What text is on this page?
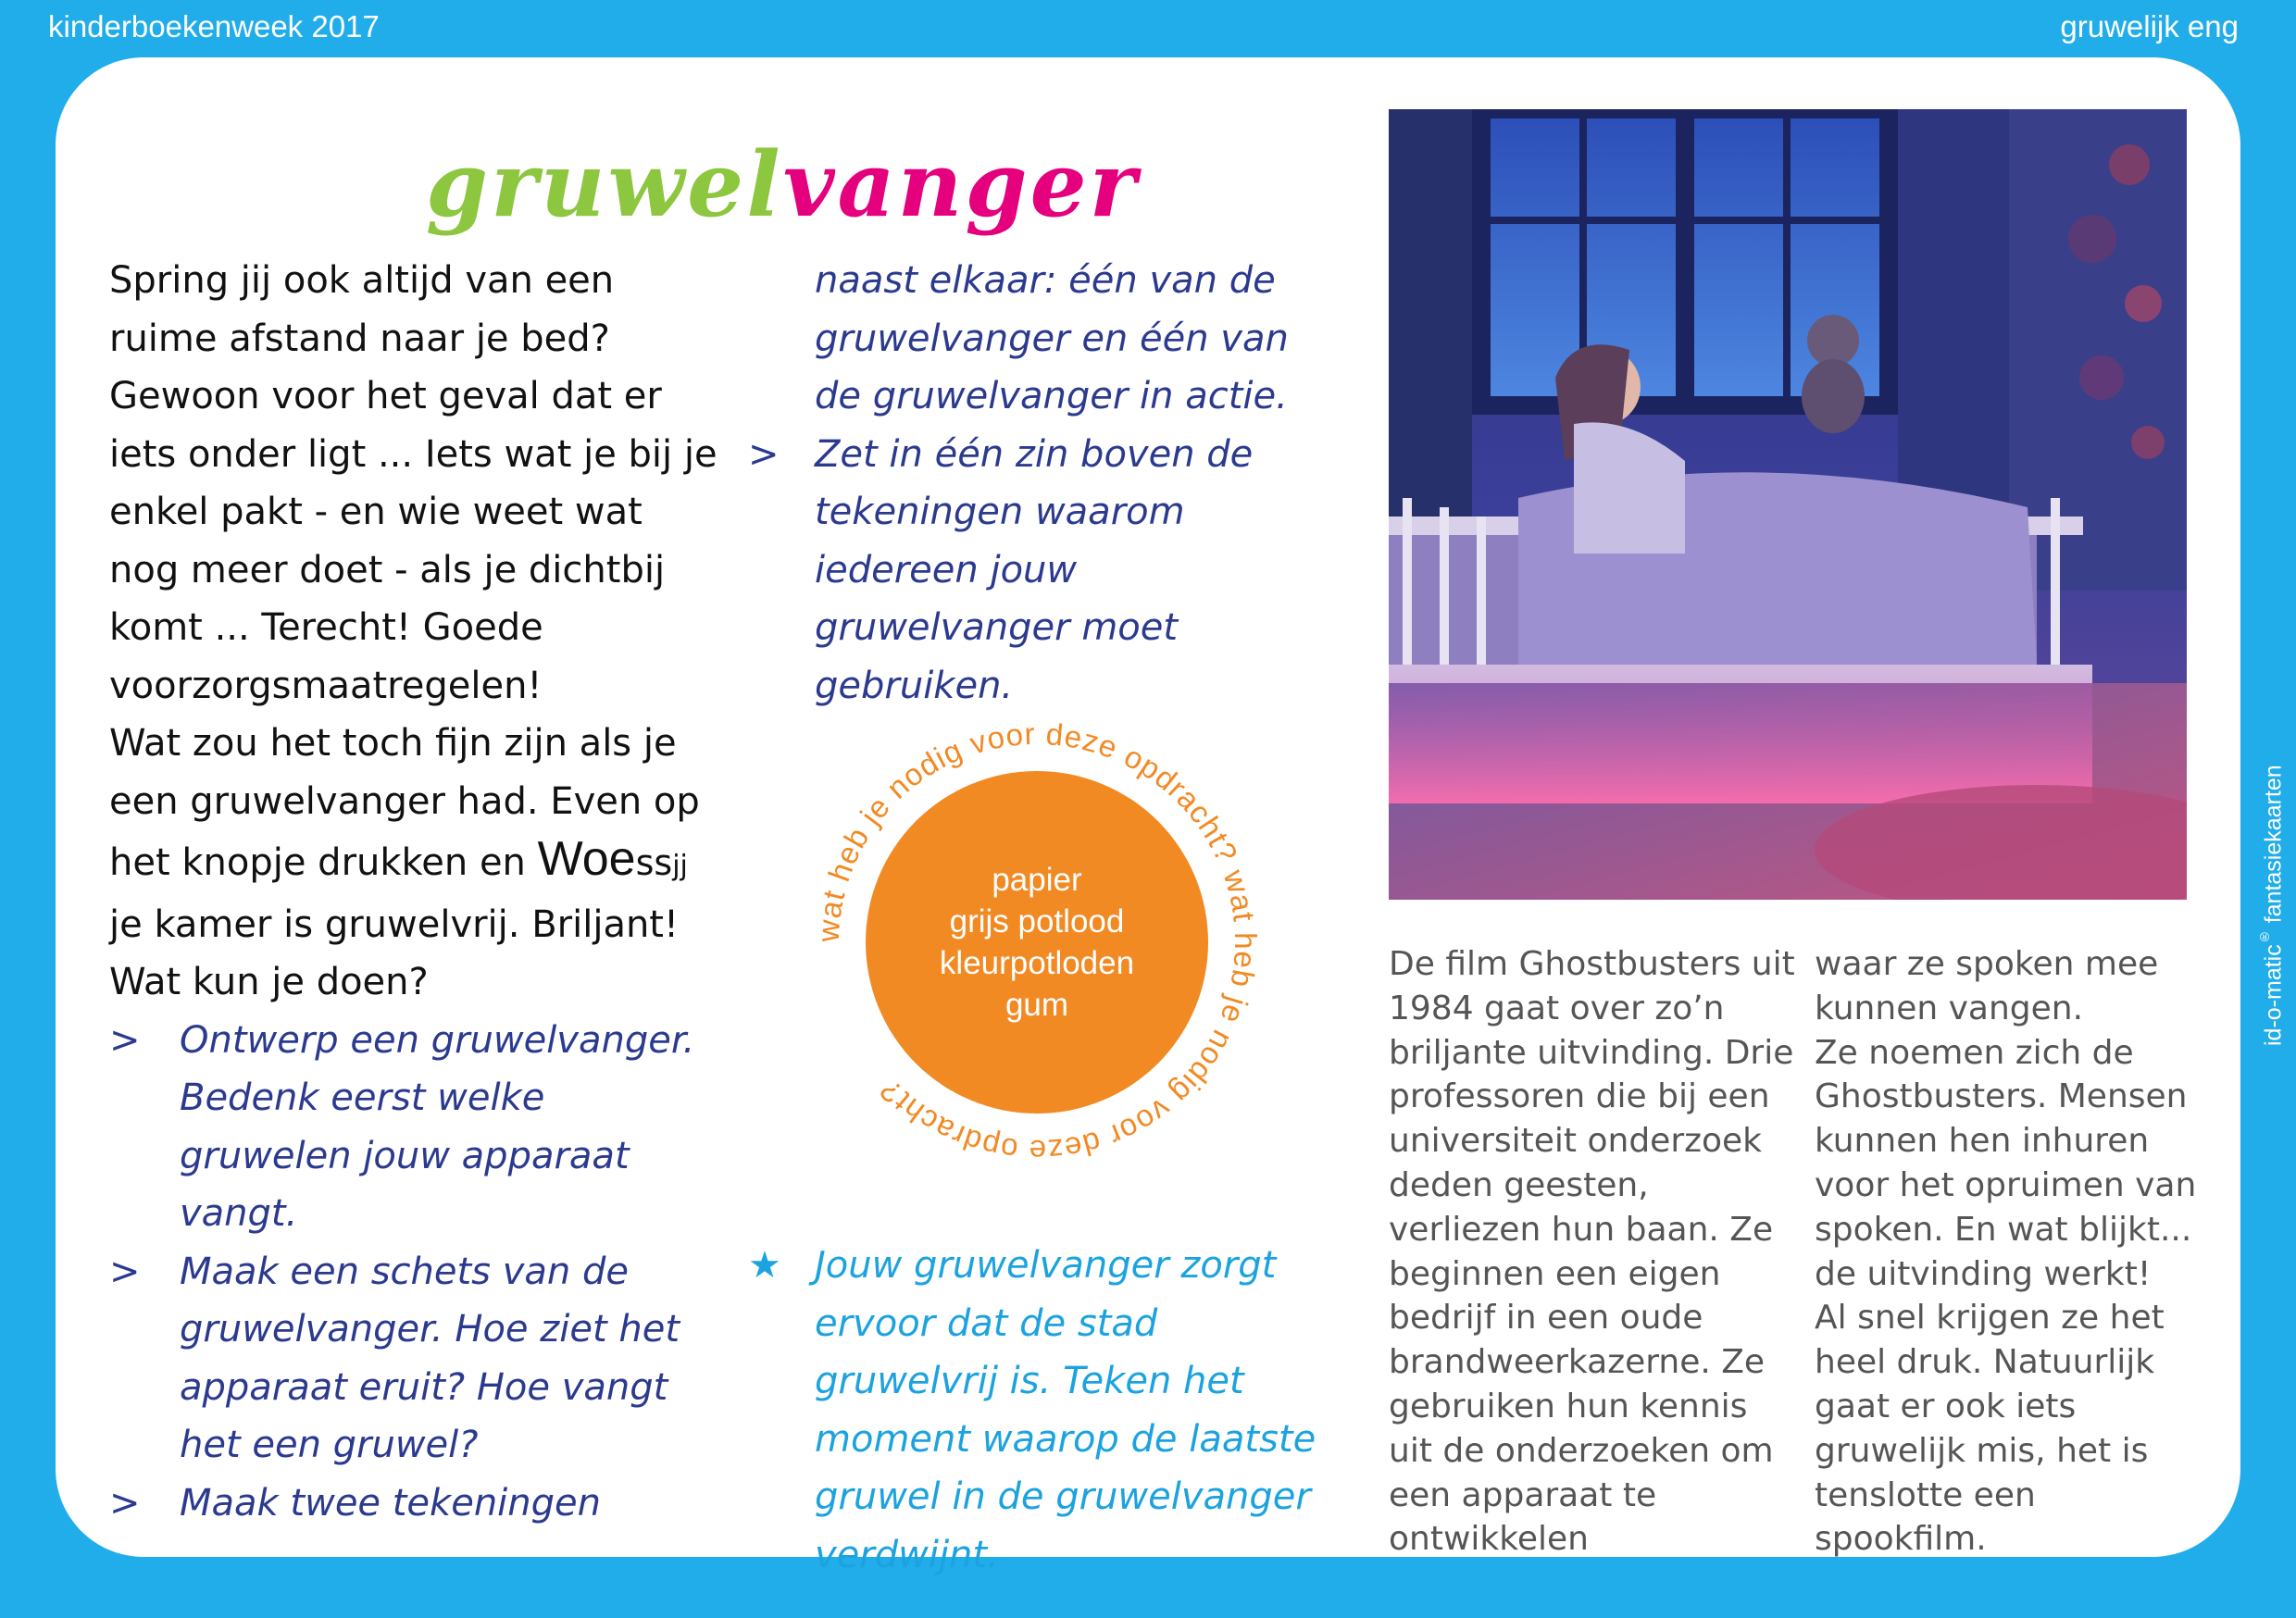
kinderboekenweek 2017	gruwelijk eng
id-o-matic® fantasiekaarten
gruwelvanger

Spring jij ook altijd van een ruime afstand naar je bed? Gewoon voor het geval dat er iets onder ligt ... Iets wat je bij je enkel pakt - en wie weet wat nog meer doet - als je dichtbij komt ... Terecht! Goede voorzorgsmaatregelen!

Wat zou het toch fijn zijn als je een gruwelvanger had. Even op het knopje drukken en Woessjj je kamer is gruwelvrij. Briljant!

Wat kun je doen?

> Ontwerp een gruwelvanger. Bedenk eerst welke gruwelen jouw apparaat vangt.

> Maak een schets van de gruwelvanger. Hoe ziet het apparaat eruit? Hoe vangt het een gruwel?

> Maak twee tekeningen

naast elkaar: één van de gruwelvanger en één van de gruwelvanger in actie.

> Zet in één zin boven de tekeningen waarom iedereen jouw gruwelvanger moet gebruiken.

★ Jouw gruwelvanger zorgt ervoor dat de stad gruwelvrij is. Teken het moment waarop de laatste gruwel in de gruwelvanger verdwijnt.

wat heb je nodig voor deze opdracht? wat heb je nodig voor deze opdracht?
papier
grijs potlood
kleurpotloden
gum

De film Ghostbusters uit 1984 gaat over zo’n briljante uitvinding. Drie professoren die bij een universiteit onderzoek deden geesten, verliezen hun baan. Ze beginnen een eigen bedrijf in een oude brandweerkazerne. Ze gebruiken hun kennis uit de onderzoeken om een apparaat te ontwikkelen

waar ze spoken mee kunnen vangen.

Ze noemen zich de Ghostbusters. Mensen kunnen hen inhuren voor het opruimen van spoken. En wat blijkt... de uitvinding werkt!

Al snel krijgen ze het heel druk. Natuurlijk gaat er ook iets gruwelijk mis, het is tenslotte een spookfilm.
